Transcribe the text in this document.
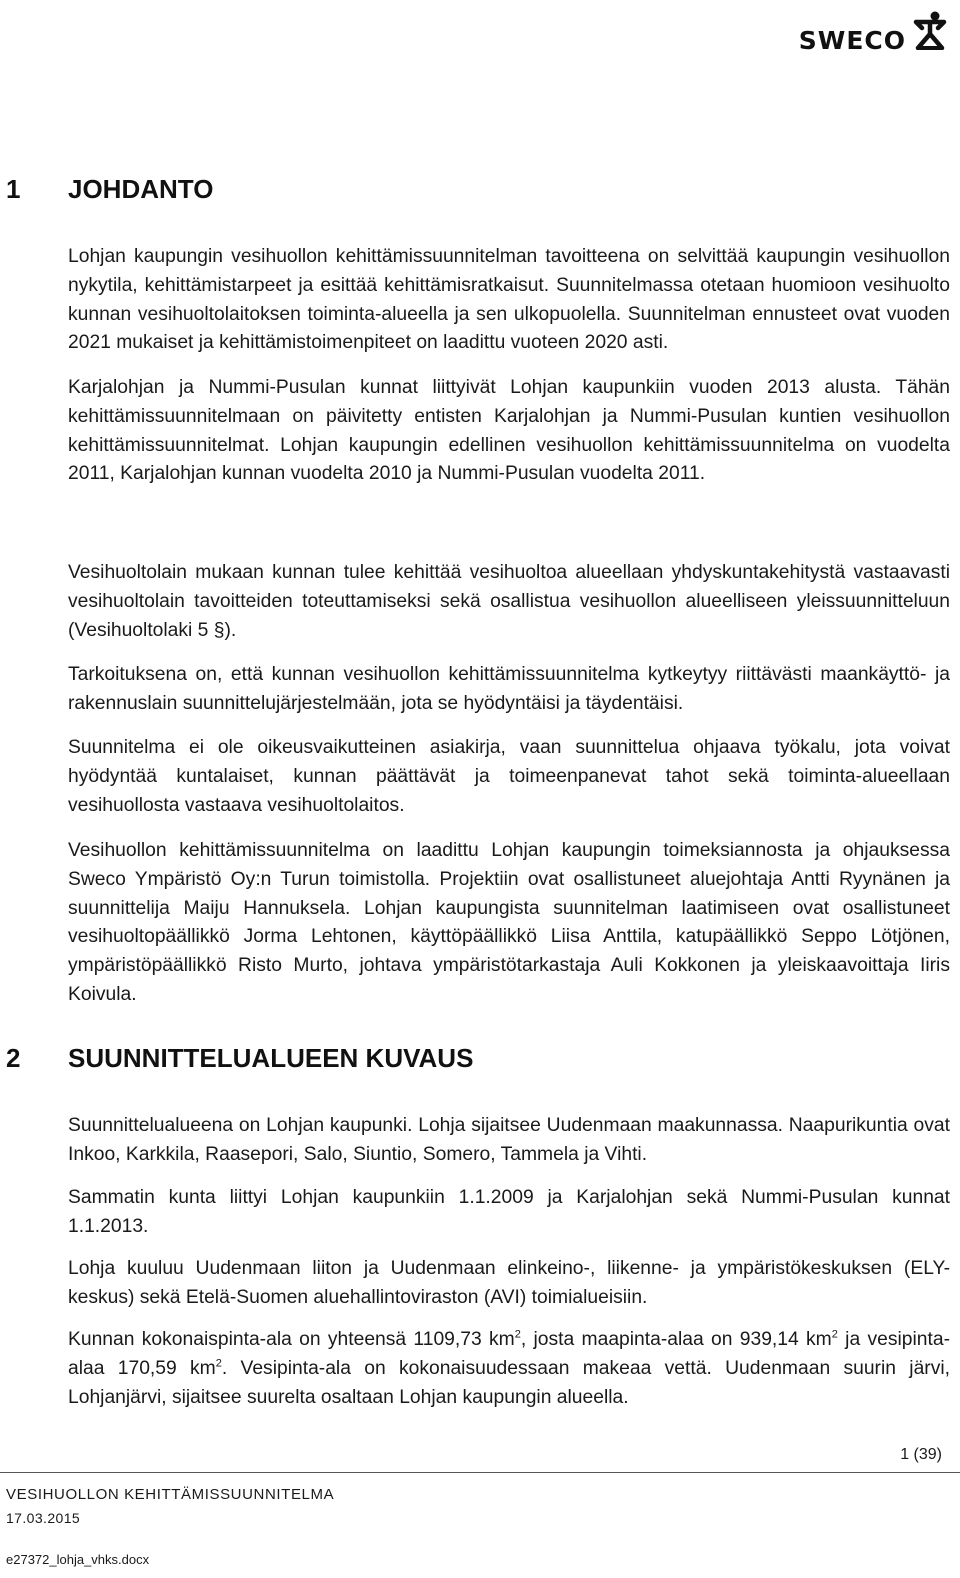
SWECO
1 JOHDANTO

Lohjan kaupungin vesihuollon kehittämissuunnitelman tavoitteena on selvittää kaupungin vesihuollon nykytila, kehittämistarpeet ja esittää kehittämisratkaisut. Suunnitelmassa otetaan huomioon vesihuolto kunnan vesihuoltolaitoksen toiminta-alueella ja sen ulkopuolella. Suunnitelman ennusteet ovat vuoden 2021 mukaiset ja kehittämistoimenpiteet on laadittu vuoteen 2020 asti.

Karjalohjan ja Nummi-Pusulan kunnat liittyivät Lohjan kaupunkiin vuoden 2013 alusta. Tähän kehittämissuunnitelmaan on päivitetty entisten Karjalohjan ja Nummi-Pusulan kuntien vesihuollon kehittämissuunnitelmat. Lohjan kaupungin edellinen vesihuollon kehittämissuunnitelma on vuodelta 2011, Karjalohjan kunnan vuodelta 2010 ja Nummi-Pusulan vuodelta 2011.

Vesihuoltolain mukaan kunnan tulee kehittää vesihuoltoa alueellaan yhdyskuntakehitystä vastaavasti vesihuoltolain tavoitteiden toteuttamiseksi sekä osallistua vesihuollon alueelliseen yleissuunnitteluun (Vesihuoltolaki 5 §).

Tarkoituksena on, että kunnan vesihuollon kehittämissuunnitelma kytkeytyy riittävästi maankäyttö- ja rakennuslain suunnittelujärjestelmään, jota se hyödyntäisi ja täydentäisi.

Suunnitelma ei ole oikeusvaikutteinen asiakirja, vaan suunnittelua ohjaava työkalu, jota voivat hyödyntää kuntalaiset, kunnan päättävät ja toimeenpanevat tahot sekä toiminta-alueellaan vesihuollosta vastaava vesihuoltolaitos.

Vesihuollon kehittämissuunnitelma on laadittu Lohjan kaupungin toimeksiannosta ja ohjauksessa Sweco Ympäristö Oy:n Turun toimistolla. Projektiin ovat osallistuneet aluejohtaja Antti Ryynänen ja suunnittelija Maiju Hannuksela. Lohjan kaupungista suunnitelman laatimiseen ovat osallistuneet vesihuoltopäällikkö Jorma Lehtonen, käyttöpäällikkö Liisa Anttila, katupäällikkö Seppo Lötjönen, ympäristöpäällikkö Risto Murto, johtava ympäristötarkastaja Auli Kokkonen ja yleiskaavoittaja Iiris Koivula.

2 SUUNNITTELUALUEEN KUVAUS

Suunnittelualueena on Lohjan kaupunki. Lohja sijaitsee Uudenmaan maakunnassa. Naapurikuntia ovat Inkoo, Karkkila, Raasepori, Salo, Siuntio, Somero, Tammela ja Vihti.

Sammatin kunta liittyi Lohjan kaupunkiin 1.1.2009 ja Karjalohjan sekä Nummi-Pusulan kunnat 1.1.2013.

Lohja kuuluu Uudenmaan liiton ja Uudenmaan elinkeino-, liikenne- ja ympäristökeskuksen (ELY-keskus) sekä Etelä-Suomen aluehallintoviraston (AVI) toimialueisiin.

Kunnan kokonaispinta-ala on yhteensä 1109,73 $km^2$, josta maapinta-alaa on 939,14 $km^2$ ja vesipinta-alaa 170,59 $km^2$. Vesipinta-ala on kokonaisuudessaan makeaa vettä. Uudenmaan suurin järvi, Lohjanjärvi, sijaitsee suurelta osaltaan Lohjan kaupungin alueella.

1 (39)
VESIHUOLLON KEHITTÄMISSUUNNITELMA
17.03.2015
e27372_lohja_vhks.docx
